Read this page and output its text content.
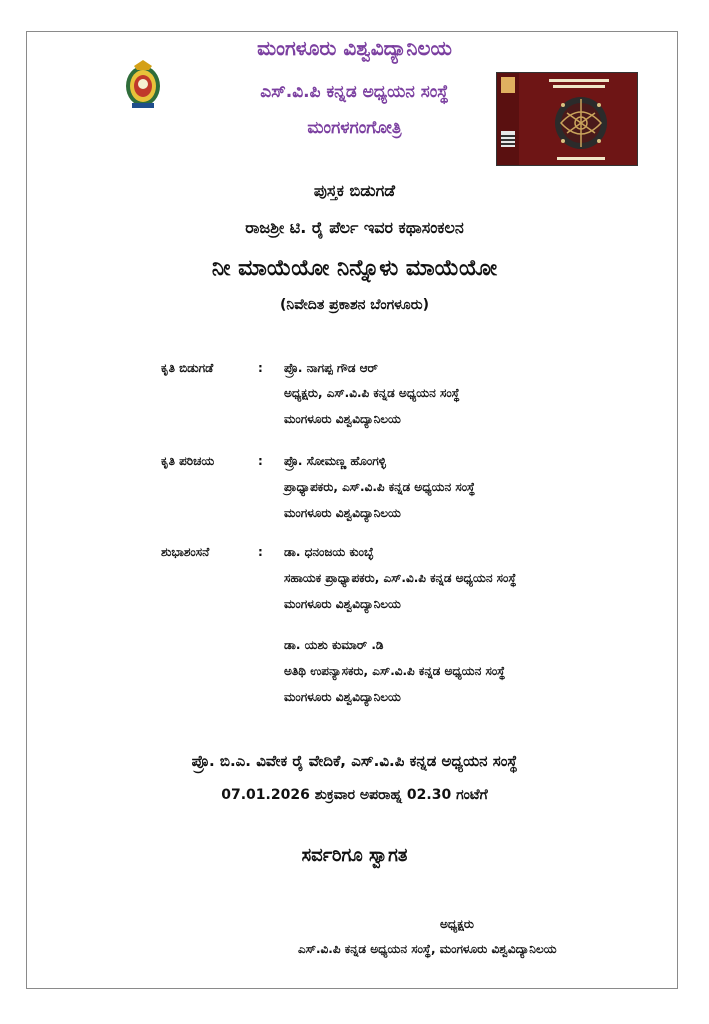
ಮಂಗಳೂರು ವಿಶ್ವವಿದ್ಯಾನಿಲಯ
ಎಸ್.ವಿ.ಪಿ ಕನ್ನಡ ಅಧ್ಯಯನ ಸಂಸ್ಥೆ
ಮಂಗಳಗಂಗೋತ್ರಿ
ಪುಸ್ತಕ ಬಿಡುಗಡೆ
ರಾಜಶ್ರೀ ಟಿ. ರೈ ಪೆರ್ಲ ಇವರ ಕಥಾಸಂಕಲನ
ನೀ ಮಾಯೆಯೋ ನಿನ್ನೊಳು ಮಾಯೆಯೋ
(ನಿವೇದಿತ ಪ್ರಕಾಶನ ಬೆಂಗಳೂರು)
ಕೃತಿ ಬಿಡುಗಡೆ	: ಪ್ರೊ. ನಾಗಪ್ಪ ಗೌಡ ಆರ್
ಅಧ್ಯಕ್ಷರು, ಎಸ್.ವಿ.ಪಿ ಕನ್ನಡ ಅಧ್ಯಯನ ಸಂಸ್ಥೆ
ಮಂಗಳೂರು ವಿಶ್ವವಿದ್ಯಾನಿಲಯ
ಕೃತಿ ಪರಿಚಯ	: ಪ್ರೊ. ಸೋಮಣ್ಣ ಹೊಂಗಳ್ಳಿ
ಪ್ರಾಧ್ಯಾಪಕರು, ಎಸ್.ವಿ.ಪಿ ಕನ್ನಡ ಅಧ್ಯಯನ ಸಂಸ್ಥೆ
ಮಂಗಳೂರು ವಿಶ್ವವಿದ್ಯಾನಿಲಯ
ಶುಭಾಶಂಸನೆ	: ಡಾ. ಧನಂಜಯ ಕುಂಬ್ಳೆ
ಸಹಾಯಕ ಪ್ರಾಧ್ಯಾಪಕರು, ಎಸ್.ವಿ.ಪಿ ಕನ್ನಡ ಅಧ್ಯಯನ ಸಂಸ್ಥೆ
ಮಂಗಳೂರು ವಿಶ್ವವಿದ್ಯಾನಿಲಯ
ಡಾ. ಯಶು ಕುಮಾರ್ .ಡಿ
ಅತಿಥಿ ಉಪನ್ಯಾಸಕರು, ಎಸ್.ವಿ.ಪಿ ಕನ್ನಡ ಅಧ್ಯಯನ ಸಂಸ್ಥೆ
ಮಂಗಳೂರು ವಿಶ್ವವಿದ್ಯಾನಿಲಯ
ಪ್ರೊ. ಬಿ.ಎ. ವಿವೇಕ ರೈ ವೇದಿಕೆ, ಎಸ್.ವಿ.ಪಿ ಕನ್ನಡ ಅಧ್ಯಯನ ಸಂಸ್ಥೆ
07.01.2026 ಶುಕ್ರವಾರ ಅಪರಾಹ್ನ 02.30 ಗಂಟೆಗೆ
ಸರ್ವರಿಗೂ ಸ್ವಾಗತ
ಅಧ್ಯಕ್ಷರು
ಎಸ್.ವಿ.ಪಿ ಕನ್ನಡ ಅಧ್ಯಯನ ಸಂಸ್ಥೆ, ಮಂಗಳೂರು ವಿಶ್ವವಿದ್ಯಾನಿಲಯ
